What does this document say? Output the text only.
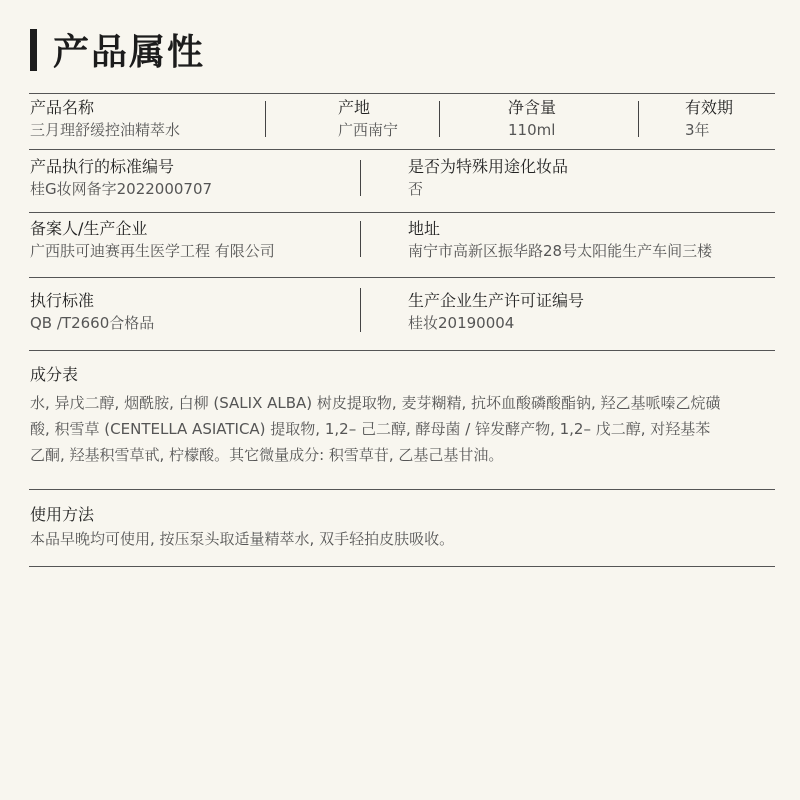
产品属性
产品名称
三月理舒缓控油精萃水
产地
广西南宁
净含量
110ml
有效期
3年
产品执行的标准编号
桂G妆网备字2022000707
是否为特殊用途化妆品
否
备案人/生产企业
广西肤可迪赛再生医学工程 有限公司
地址
南宁市高新区振华路28号太阳能生产车间三楼
执行标准
QB /T2660合格品
生产企业生产许可证编号
桂妆20190004
成分表
水, 异戊二醇, 烟酰胺, 白柳 (SALIX ALBA) 树皮提取物, 麦芽糊精, 抗坏血酸磷酸酯钠, 羟乙基哌嗪乙烷磺
酸, 积雪草 (CENTELLA ASIATICA) 提取物, 1,2– 己二醇, 酵母菌 / 锌发酵产物, 1,2– 戊二醇, 对羟基苯
乙酮, 羟基积雪草甙, 柠檬酸。其它微量成分: 积雪草苷, 乙基己基甘油。
使用方法
本品早晚均可使用, 按压泵头取适量精萃水, 双手轻拍皮肤吸收。
